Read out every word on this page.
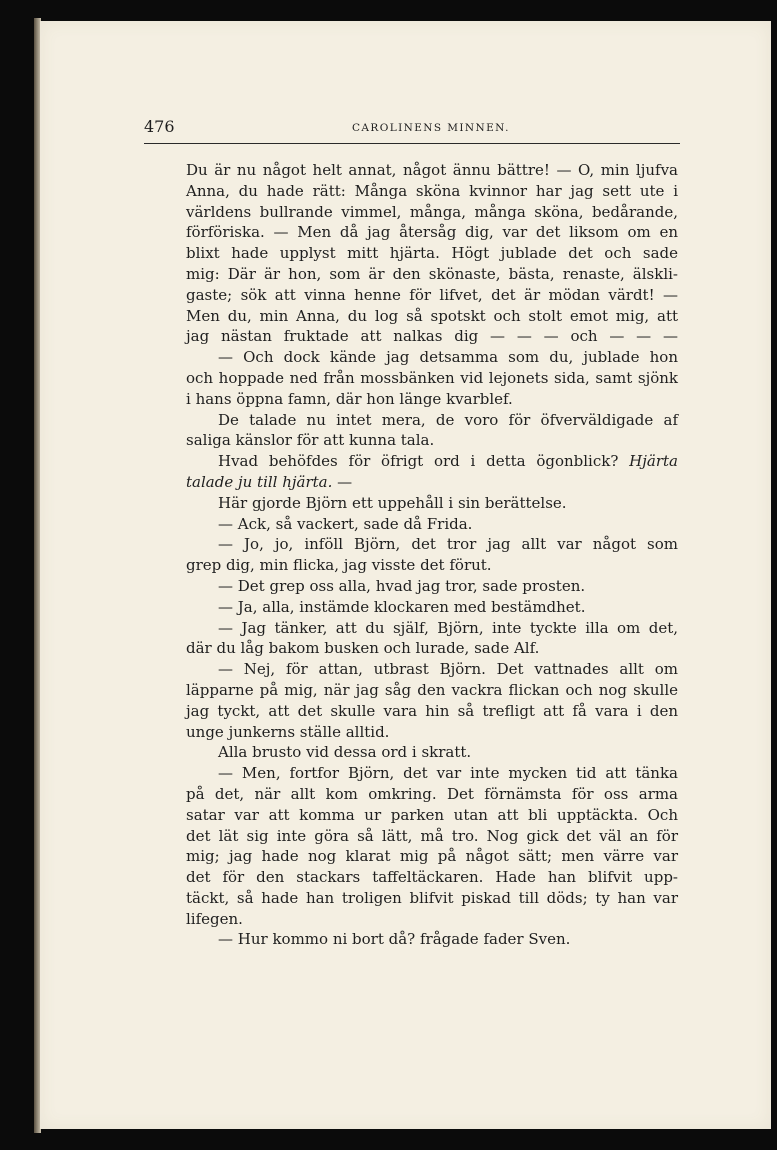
476	CAROLINENS MINNEN.
Du är nu något helt annat, något ännu bättre! — O, min ljufva
Anna, du hade rätt: Många sköna kvinnor har jag sett ute i
världens bullrande vimmel, många, många sköna, bedårande,
förföriska. — Men då jag återsåg dig, var det liksom om en
blixt hade upplyst mitt hjärta. Högt jublade det och sade
mig: Där är hon, som är den skönaste, bästa, renaste, älskli-
gaste; sök att vinna henne för lifvet, det är mödan värdt! —
Men du, min Anna, du log så spotskt och stolt emot mig, att
jag nästan fruktade att nalkas dig — — — och — — —
— Och dock kände jag detsamma som du, jublade hon
och hoppade ned från mossbänken vid lejonets sida, samt sjönk
i hans öppna famn, där hon länge kvarblef.
De talade nu intet mera, de voro för öfverväldigade af
saliga känslor för att kunna tala.
Hvad behöfdes för öfrigt ord i detta ögonblick? Hjärta
talade ju till hjärta. —
Här gjorde Björn ett uppehåll i sin berättelse.
— Ack, så vackert, sade då Frida.
— Jo, jo, inföll Björn, det tror jag allt var något som
grep dig, min flicka, jag visste det förut.
— Det grep oss alla, hvad jag tror, sade prosten.
— Ja, alla, instämde klockaren med bestämdhet.
— Jag tänker, att du själf, Björn, inte tyckte illa om det,
där du låg bakom busken och lurade, sade Alf.
— Nej, för attan, utbrast Björn. Det vattnades allt om
läpparne på mig, när jag såg den vackra flickan och nog skulle
jag tyckt, att det skulle vara hin så trefligt att få vara i den
unge junkerns ställe alltid.
Alla brusto vid dessa ord i skratt.
— Men, fortfor Björn, det var inte mycken tid att tänka
på det, när allt kom omkring. Det förnämsta för oss arma
satar var att komma ur parken utan att bli upptäckta. Och
det lät sig inte göra så lätt, må tro. Nog gick det väl an för
mig; jag hade nog klarat mig på något sätt; men värre var
det för den stackars taffeltäckaren. Hade han blifvit upp-
täckt, så hade han troligen blifvit piskad till döds; ty han var
lifegen.
— Hur kommo ni bort då? frågade fader Sven.
